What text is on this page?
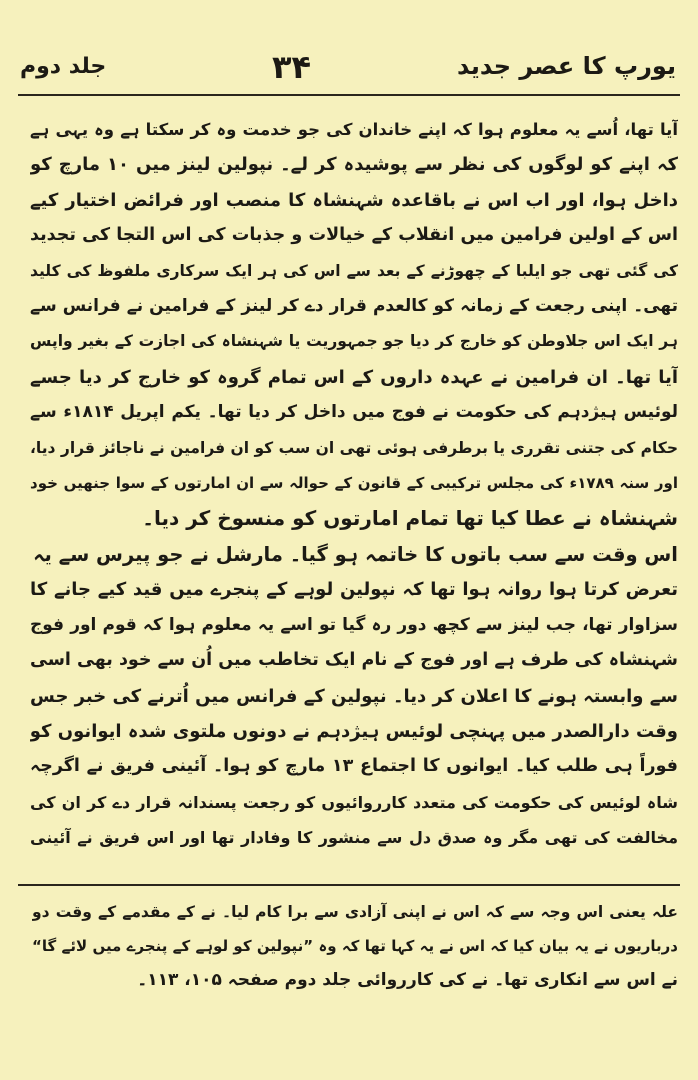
یورپ کا عصر جدید
۳۴
جلد دوم

آیا تھا، اُسے یہ معلوم ہوا کہ اپنے خاندان کی جو خدمت وہ کر سکتا ہے وہ یہی ہے
کہ اپنے کو لوگوں کی نظر سے پوشیدہ کر لے۔ نپولین لینز میں ۱۰ مارچ کو
داخل ہوا، اور اب اس نے باقاعدہ شہنشاہ کا منصب اور فرائض اختیار کیے
اس کے اولین فرامین میں انقلاب کے خیالات و جذبات کی اس التجا کی تجدید
کی گئی تھی جو ایلبا کے چھوڑنے کے بعد سے اس کی ہر ایک سرکاری ملفوظ کی کلید
تھی۔ اپنی رجعت کے زمانہ کو کالعدم قرار دے کر لینز کے فرامین نے فرانس سے
ہر ایک اس جلاوطن کو خارج کر دیا جو جمہوریت یا شہنشاہ کی اجازت کے بغیر واپس
آیا تھا۔ ان فرامین نے عہدہ داروں کے اس تمام گروہ کو خارج کر دیا جسے
لوئیس ہیژدہم کی حکومت نے فوج میں داخل کر دیا تھا۔ یکم اپریل ۱۸۱۴ء سے
حکام کی جتنی تقرری یا برطرفی ہوئی تھی ان سب کو ان فرامین نے ناجائز قرار دیا،
اور سنہ ۱۷۸۹ء کی مجلس ترکیبی کے قانون کے حوالہ سے ان امارتوں کے سوا جنھیں خود
شہنشاہ نے عطا کیا تھا تمام امارتوں کو منسوخ کر دیا۔

اس وقت سے سب باتوں کا خاتمہ ہو گیا۔ مارشل نے جو پیرس سے یہ
تعرض کرتا ہوا روانہ ہوا تھا کہ نپولین لوہے کے پنجرے میں قید کیے جانے کا
سزاوار تھا، جب لینز سے کچھ دور رہ گیا تو اسے یہ معلوم ہوا کہ قوم اور فوج
شہنشاہ کی طرف ہے اور فوج کے نام ایک تخاطب میں اُن سے خود بھی اسی
سے وابستہ ہونے کا اعلان کر دیا۔ نپولین کے فرانس میں اُترنے کی خبر جس
وقت دارالصدر میں پہنچی لوئیس ہیژدہم نے دونوں ملتوی شدہ ایوانوں کو
فوراً ہی طلب کیا۔ ایوانوں کا اجتماع ۱۳ مارچ کو ہوا۔ آئینی فریق نے اگرچہ
شاہ لوئیس کی حکومت کی متعدد کارروائیوں کو رجعت پسندانہ قرار دے کر ان کی
مخالفت کی تھی مگر وہ صدق دل سے منشور کا وفادار تھا اور اس فریق نے آئینی

علہ یعنی اس وجہ سے کہ اس نے اپنی آزادی سے برا کام لیا۔ نے کے مقدمے کے وقت دو
درباریوں نے یہ بیان کیا کہ اس نے یہ کہا تھا کہ وہ ”نپولین کو لوہے کے پنجرے میں لائے گا“
نے اس سے انکاری تھا۔ نے کی کارروائی جلد دوم صفحہ ۱۰۵، ۱۱۳۔
